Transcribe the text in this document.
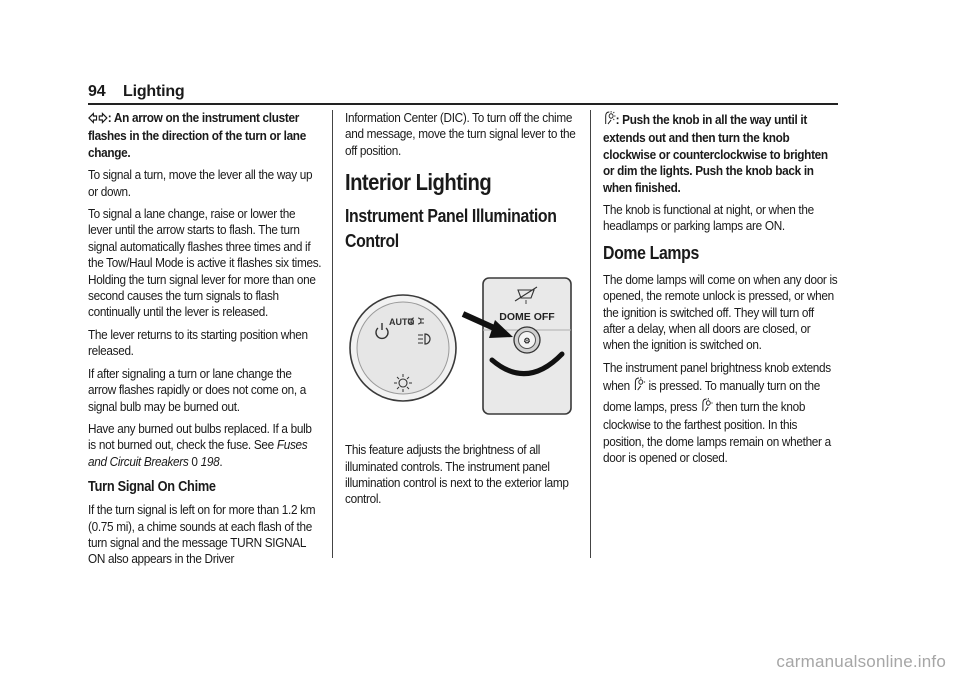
94 Lighting

: An arrow on the instrument cluster flashes in the direction of the turn or lane change.

To signal a turn, move the lever all the way up or down.

To signal a lane change, raise or lower the lever until the arrow starts to flash. The turn signal automatically flashes three times and if the Tow/Haul Mode is active it flashes six times. Holding the turn signal lever for more than one second causes the turn signals to flash continually until the lever is released.

The lever returns to its starting position when released.

If after signaling a turn or lane change the arrow flashes rapidly or does not come on, a signal bulb may be burned out.

Have any burned out bulbs replaced. If a bulb is not burned out, check the fuse. See Fuses and Circuit Breakers 0 198.

Turn Signal On Chime

If the turn signal is left on for more than 1.2 km (0.75 mi), a chime sounds at each flash of the turn signal and the message TURN SIGNAL ON also appears in the Driver

Information Center (DIC). To turn off the chime and message, move the turn signal lever to the off position.

Interior Lighting
Instrument Panel Illumination Control
AUTO	DOME OFF
⚙

This feature adjusts the brightness of all illuminated controls. The instrument panel illumination control is next to the exterior lamp control.

: Push the knob in all the way until it extends out and then turn the knob clockwise or counterclockwise to brighten or dim the lights. Push the knob back in when finished.

The knob is functional at night, or when the headlamps or parking lamps are ON.

Dome Lamps

The dome lamps will come on when any door is opened, the remote unlock is pressed, or when the ignition is switched off. They will turn off after a delay, when all doors are closed, or when the ignition is switched on.

The instrument panel brightness knob extends when is pressed. To manually turn on the dome lamps, press then turn the knob clockwise to the farthest position. In this position, the dome lamps remain on whether a door is opened or closed.

carmanualsonline.info
